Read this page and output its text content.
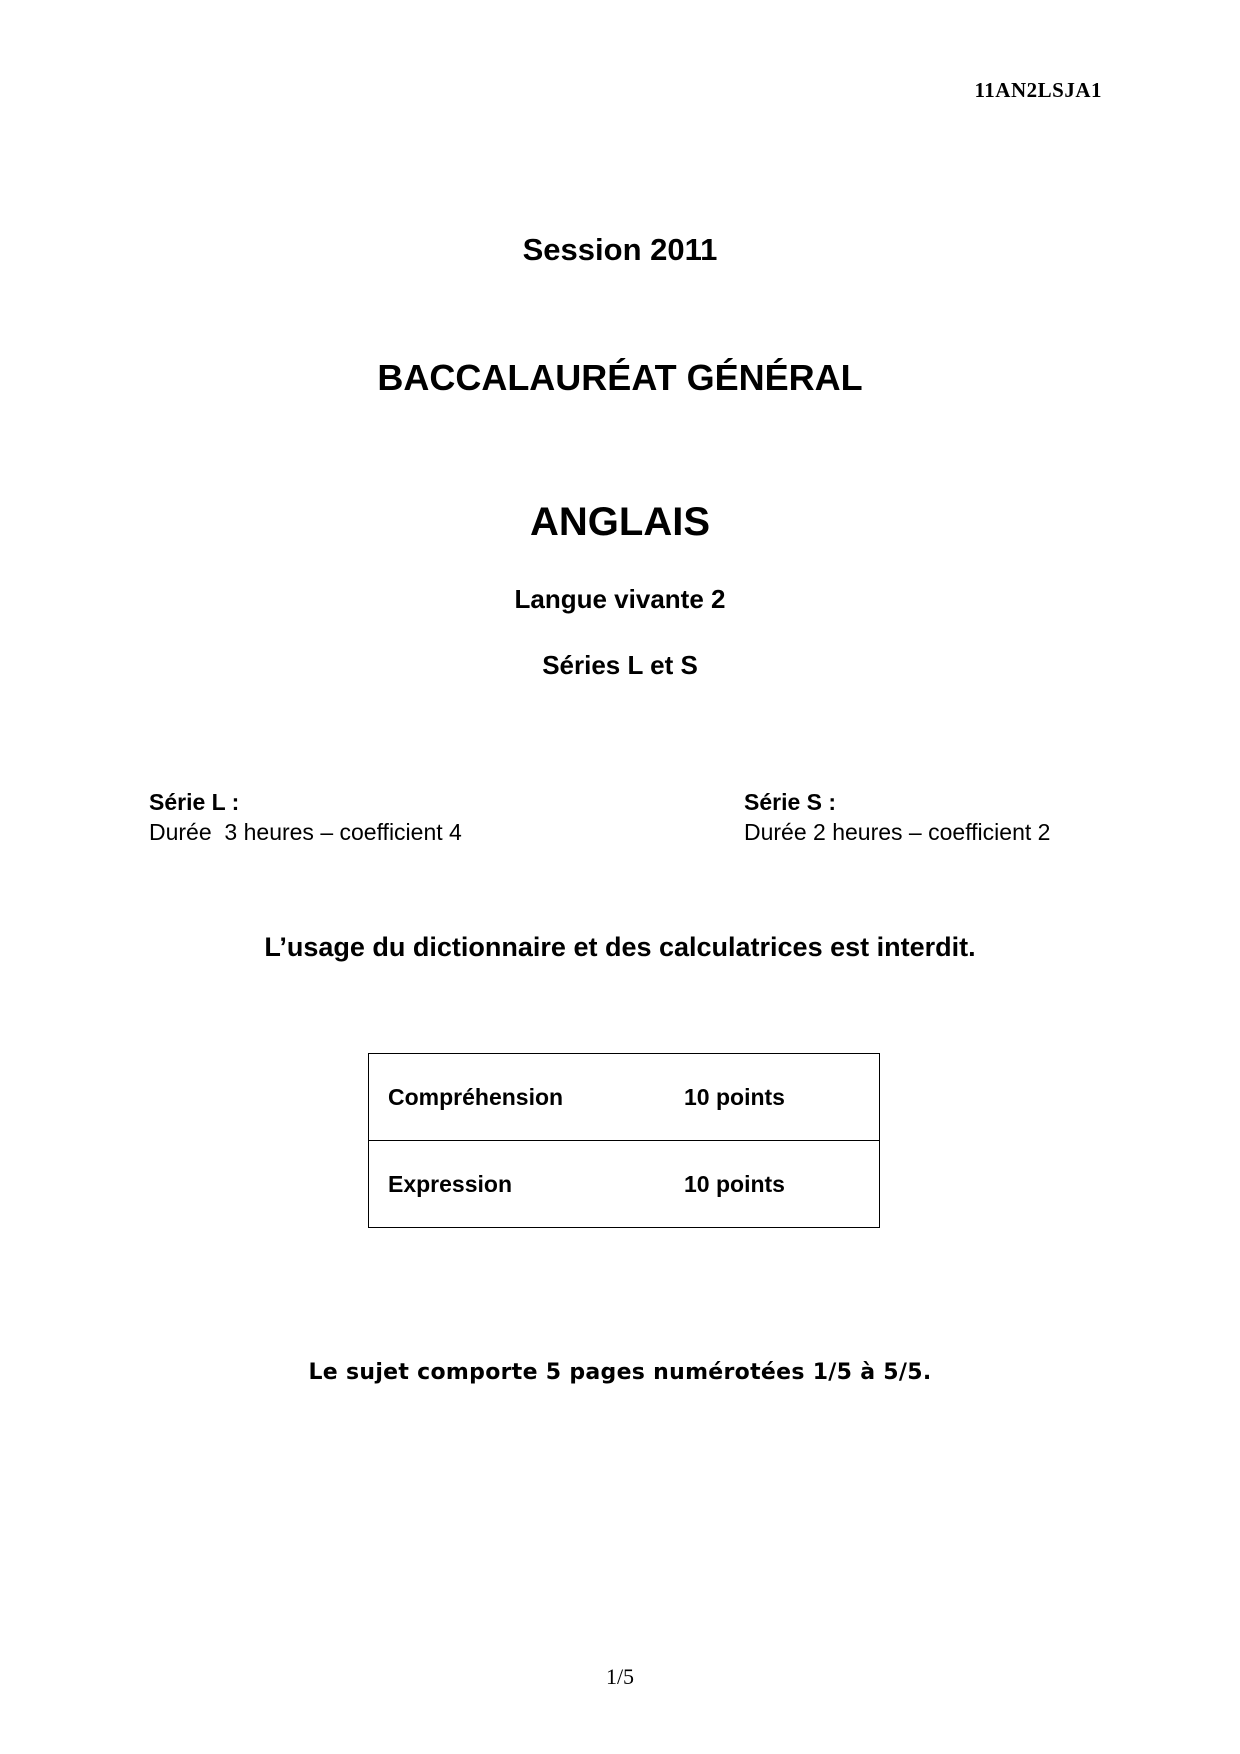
11AN2LSJA1
Session 2011
BACCALAURÉAT GÉNÉRAL
ANGLAIS
Langue vivante 2
Séries L et S
Série L :
Durée  3 heures – coefficient 4
Série S :
Durée 2 heures – coefficient 2
L’usage du dictionnaire et des calculatrices est interdit.
Compréhension	10 points
Expression	10 points
Le sujet comporte 5 pages numérotées 1/5 à 5/5.
1/5
